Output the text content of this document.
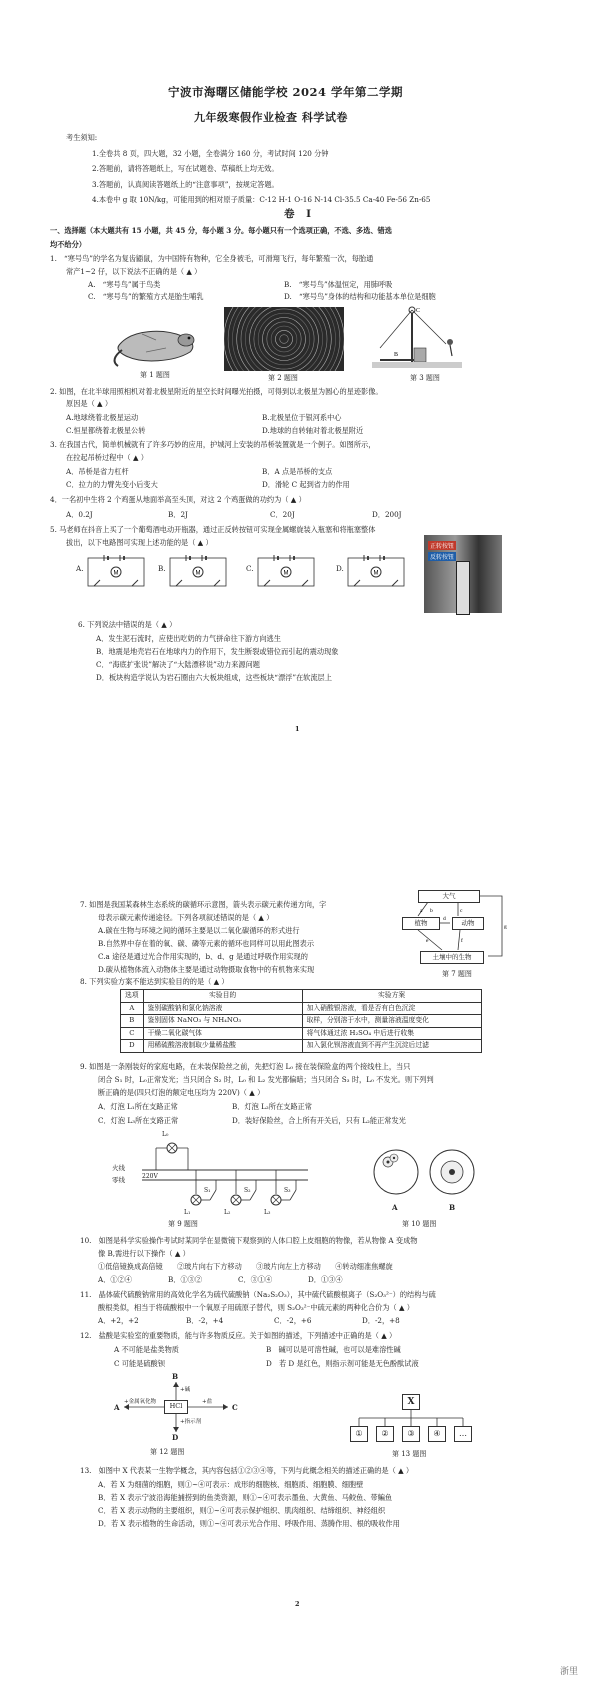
宁波市海曙区储能学校 2024 学年第二学期
九年级寒假作业检查 科学试卷
考生须知:
1.全卷共 8 页，四大题，32 小题，全卷满分 160 分，考试时间 120 分钟
2.答题前，请将答题纸上，写在试题卷、草稿纸上均无效。
3.答题前，认真阅读答题纸上的“注意事项”，按规定答题。
4.本卷中 g 取 10N/kg，可能用到的相对原子质量：C-12 H-1 O-16 N-14 Cl-35.5 Ca-40 Fe-56 Zn-65
卷 I
一、选择题（本大题共有 15 小题，共 45 分，每小题 3 分。每小题只有一个选项正确，不选、多选、错选
均不给分）
1.　“寒号鸟”的学名为复齿鼯鼠，为中国特有物种，它全身被毛，可滑翔飞行，每年繁殖一次，每胎通
常产1~2 仔，以下说法不正确的是（ ▲ ）
A.　“寒号鸟”属于鸟类	B.　“寒号鸟”体温恒定，用肺呼吸
C.　“寒号鸟”的繁殖方式是胎生哺乳	D.　“寒号鸟”身体的结构和功能基本单位是细胞
第 1 题图	第 2 题图
C
B
第 3 题图
2. 如图，在北半球用照相机对着北极星附近的星空长时间曝光拍摄，可得到以北极星为圆心的星迹影像。
原因是（ ▲ ）
A.地球绕着北极星运动	B.北极星位于银河系中心
C.恒星都绕着北极星公转	D.地球的自转轴对着北极星附近
3. 在我国古代，简单机械就有了许多巧妙的应用，护城河上安装的吊桥装置就是一个例子。如图所示，
在拉起吊桥过程中（ ▲ ）
A．吊桥是省力杠杆	B．A 点是吊桥的支点
C．拉力的力臂先变小后变大	D．滑轮 C 起到省力的作用
4．一名初中生将 2 个鸡蛋从地面举高至头顶，对这 2 个鸡蛋做的功约为（ ▲ ）
A．0.2J	B．2J	C．20J	D．200J
5. 马老师在抖音上买了一个葡萄酒电动开瓶器，通过正反转按钮可实现金属螺旋装入瓶塞和将瓶塞整体
拔出，以下电路图可实现上述功能的是（ ▲ ）
A.
M
B.
M
C.
M
D.
M
正转按钮
反转按钮
6. 下列说法中错误的是（ ▲ ）
A．发生泥石流时，应使出吃奶的力气拼命往下游方向逃生
B．地震是地壳岩石在地球内力的作用下，发生断裂或错位而引起的震动现象
C．“海底扩张说”解决了“大陆漂移说”动力来源问题
D．板块构造学说认为岩石圈由六大板块组成，这些板块“漂浮”在软流层上
1
7. 如图是我国某森林生态系统的碳循环示意图，箭头表示碳元素传递方向，字
母表示碳元素传递途径。下列各项叙述错误的是（ ▲ ）
A.碳在生物与环境之间的循环主要是以二氧化碳循环的形式进行
B.自然界中存在着的氧、碳、磷等元素的循环也同样可以用此图表示
C.a 途径是通过光合作用实现的，b、d、g 是通过呼吸作用实现的
D.碳从植物体流入动物体主要是通过动物摄取食物中的有机物来实现
a b	c
d
e	f
g
大气
植物	动物
土壤中的生物
第 7 题图
8. 下列实验方案不能达到实验目的的是（ ▲ ）
选项	实验目的	实验方案
A	鉴别碳酸钠和氯化钠溶液	加入硝酸银溶液，看是否有白色沉淀
B	鉴别固体 NaNO₃ 与 NH₄NO₃	取样，分别溶于水中，测量溶液温度变化
C	干燥二氧化碳气体	将气体通过浓 H₂SO₄ 中后进行收集
D	用稀硫酸溶液制取少量稀盐酸	加入氯化钡溶液直到不再产生沉淀后过滤
9. 如图是一条刚装好的家庭电路，在未装保险丝之前，先把灯泡 L₀ 接在装保险盒的两个接线柱上，当只
闭合 S₁ 时，L₀正常发光；当只闭合 S₂ 时，L₀ 和 L₂ 发光都偏暗；当只闭合 S₃ 时，L₀ 不发光。则下列判
断正确的是(四只灯泡的额定电压均为 220V)（ ▲ ）
A．灯泡 L₁所在支路正常	B．灯泡 L₂所在支路正常
C．灯泡 L₃所在支路正常	D．装好保险丝，合上所有开关后，只有 L₂能正常发光
L₀
火线
220V
零线
L₁
S₁
L₂
S₂
L₃
S₃
第 9 题图
A	B
第 10 题图
10.　如图是科学实验操作考试时某同学在显微镜下观察到的人体口腔上皮细胞的物像，若从物像 A 变成物
像 B,需进行以下操作（ ▲ ）
①低倍镜换成高倍镜　　②玻片向右下方移动　　③玻片向左上方移动　　④转动细准焦螺旋
A．①②④	B．①③②	C．③①④	D．①③④
11.　晶体硫代硫酸钠常用的高效化学名为硫代硫酸钠（Na₂S₂O₃），其中硫代硫酸根离子（S₂O₃²⁻）的结构与硫
酸根类似，相当于将硫酸根中一个氧原子用硫原子替代，则 S₂O₃²⁻中硫元素的两种化合价为（ ▲ ）
A．+2，+2	B．-2，+4	C．-2，+6	D．-2，+8
12.　盐酸是实验室的重要物质，能与许多物质反应。关于如图的描述，下列描述中正确的是（ ▲ ）
A 不可能是盐类物质	B　碱可以是可溶性碱，也可以是难溶性碱
C 可能是硫酸钡	D　若 D 是红色，则指示剂可能是无色酚酞试液
HCl
B
+碱
A
+金属氧化物
C
+盐
D
+指示剂
第 12 题图
X
①	②	③	④	…
第 13 题图
13.　如图中 X 代表某一生物学概念，其内容包括①②③④等，下列与此概念相关的描述正确的是（ ▲ ）
A．若 X 为细菌的细胞，则①~④可表示：成形的细胞核、细胞质、细胞膜、细胞壁
B．若 X 表示宁波沿海能捕捞到的鱼类资源，则①~④可表示墨鱼、大黄鱼、马鲛鱼、带鳊鱼
C．若 X 表示动物的主要组织，则①~④可表示保护组织、肌肉组织、结缔组织、神经组织
D．若 X 表示植物的生命活动，则①~④可表示光合作用、呼吸作用、蒸腾作用、根的吸收作用
2
浙里
